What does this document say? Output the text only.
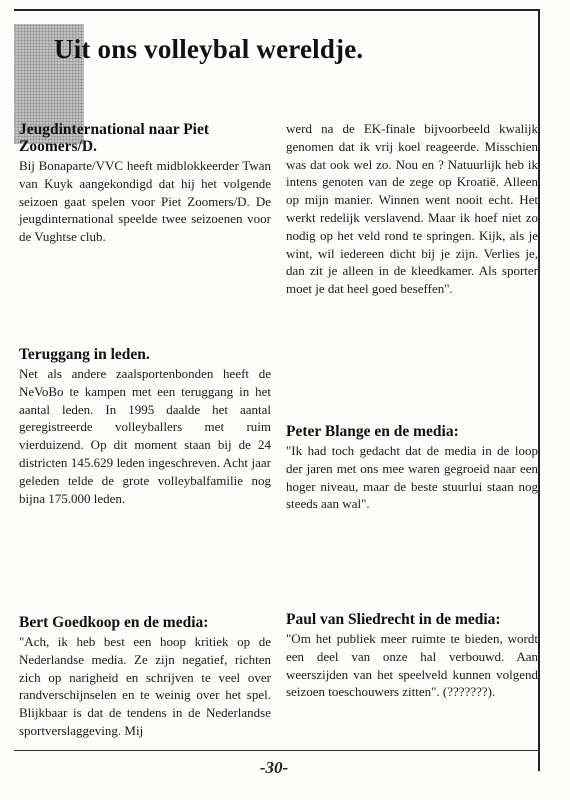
Uit ons volleybal wereldje.
Jeugdinternational naar Piet Zoomers/D.

Bij Bonaparte/VVC heeft midblokkeerder Twan van Kuyk aangekondigd dat hij het volgende seizoen gaat spelen voor Piet Zoomers/D. De jeugdinternational speelde twee seizoenen voor de Vughtse club.

Teruggang in leden.

Net als andere zaalsportenbonden heeft de NeVoBo te kampen met een teruggang in het aantal leden. In 1995 daalde het aantal geregistreerde volleyballers met ruim vierduizend. Op dit moment staan bij de 24 districten 145.629 leden ingeschreven. Acht jaar geleden telde de grote volleybalfamilie nog bijna 175.000 leden.

Bert Goedkoop en de media:

"Ach, ik heb best een hoop kritiek op de Nederlandse media. Ze zijn negatief, richten zich op narigheid en schrijven te veel over randverschijnselen en te weinig over het spel. Blijkbaar is dat de tendens in de Nederlandse sportverslaggeving. Mij

werd na de EK-finale bijvoorbeeld kwalijk genomen dat ik vrij koel reageerde. Misschien was dat ook wel zo. Nou en ? Natuurlijk heb ik intens genoten van de zege op Kroatië. Alleen op mijn manier. Winnen went nooit echt. Het werkt redelijk verslavend. Maar ik hoef niet zo nodig op het veld rond te springen. Kijk, als je wint, wil iedereen dicht bij je zijn. Verlies je, dan zit je alleen in de kleedkamer. Als sporter moet je dat heel goed beseffen".

Peter Blange en de media:

"Ik had toch gedacht dat de media in de loop der jaren met ons mee waren gegroeid naar een hoger niveau, maar de beste stuurlui staan nog steeds aan wal".

Paul van Sliedrecht in de media:

"Om het publiek meer ruimte te bieden, wordt een deel van onze hal verbouwd. Aan weerszijden van het speelveld kunnen volgend seizoen toeschouwers zitten". (???????).

-30-
